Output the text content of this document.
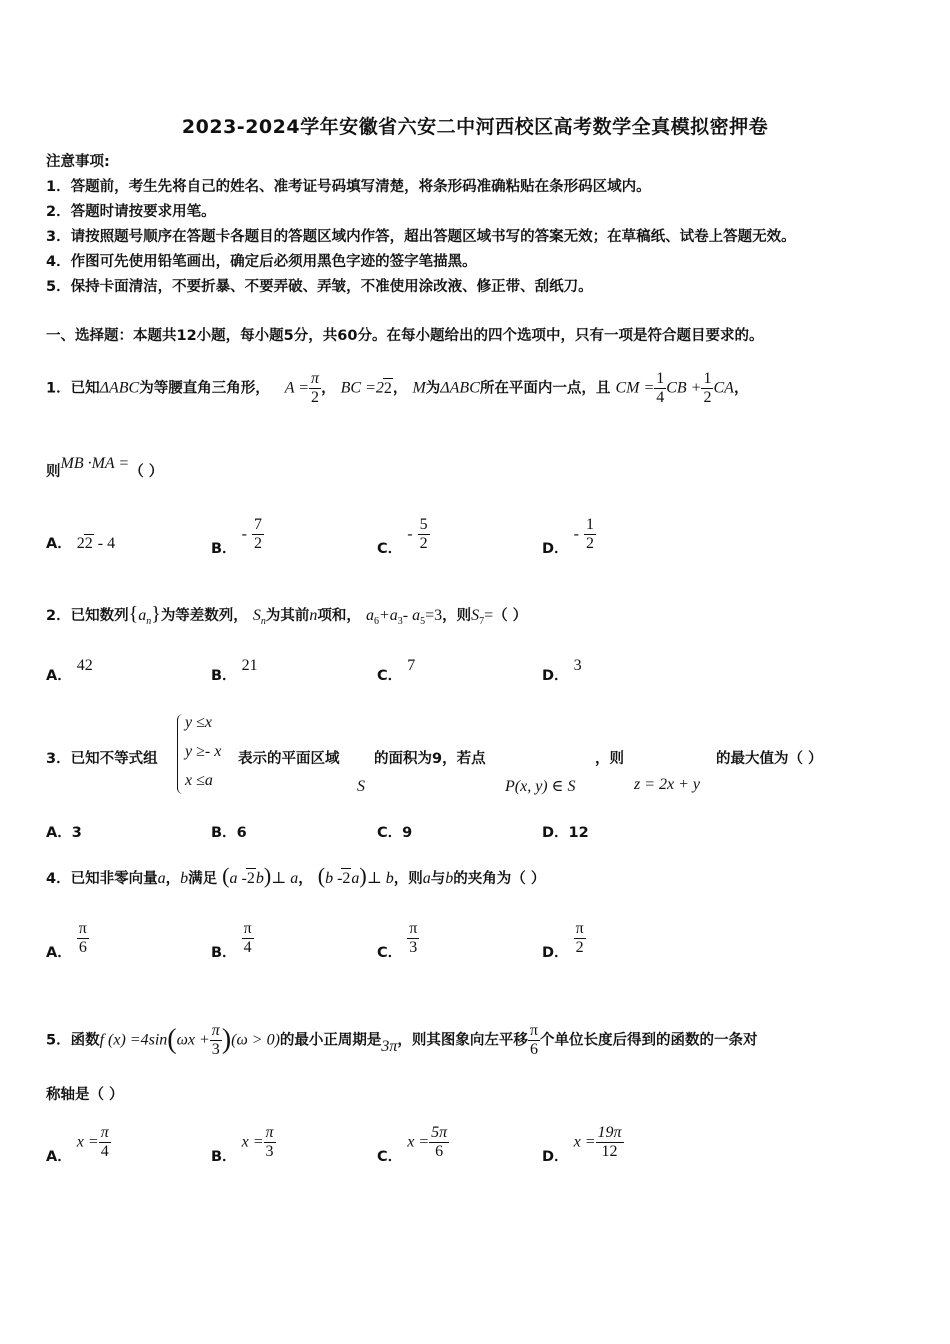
2023-2024学年安徽省六安二中河西校区高考数学全真模拟密押卷
注意事项:
1．答题前，考生先将自己的姓名、准考证号码填写清楚，将条形码准确粘贴在条形码区域内。
2．答题时请按要求用笔。
3．请按照题号顺序在答题卡各题目的答题区域内作答，超出答题区域书写的答案无效；在草稿纸、试卷上答题无效。
4．作图可先使用铅笔画出，确定后必须用黑色字迹的签字笔描黑。
5．保持卡面清洁，不要折暴、不要弄破、弄皱，不准使用涂改液、修正带、刮纸刀。
一、选择题：本题共12小题，每小题5分，共60分。在每小题给出的四个选项中，只有一项是符合题目要求的。
1．已知ΔABC为等腰直角三角形， $A = \frac{\pi}{2}$ ， BC =22， M为ΔABC所在平面内一点，且 CM = $\frac{1}{4}$ CB + $\frac{1}{2}$ CA，
则MB ·MA =（ ）
A． 22 - 4	B． - $\frac{7}{2}$	C． - $\frac{5}{2}$	D． - $\frac{1}{2}$
2．已知数列$\{a_n\}$为等差数列， $S_n$为其前n项和， $a_6+a_3-$ $a_5=3$，则$S_7=$（ ）
A． 42
B． 21
C． 7
D． 3
3．已知不等式组
y ≤x
y ≥- x
x ≤a
表示的平面区域 的面积为9，若点	，则	的最大值为（ ）
S	P(x, y) ∈ S	z = 2x + y
A．3	B．6	C．9	D．12
4．已知非零向量a，b满足 (a -2b)⊥ a， (b -2a)⊥ b，则a与b的夹角为（ ）
A． $\frac{\pi}{6}$	B． $\frac{\pi}{4}$	C． $\frac{\pi}{3}$	D． $\frac{\pi}{2}$
5．函数f $(x) =4\sin(\omega x + \frac{\pi}{3} )(\omega > 0)$的最小正周期是3π，则其图象向左平移 $\frac{\pi}{6}$ 个单位长度后得到的函数的一条对
称轴是（ ）
A． $x = \frac{\pi}{4}$	B． $x = \frac{\pi}{3}$	C． $x = \frac{5\pi}{6}$	D． $x = \frac{19\pi}{12}$
